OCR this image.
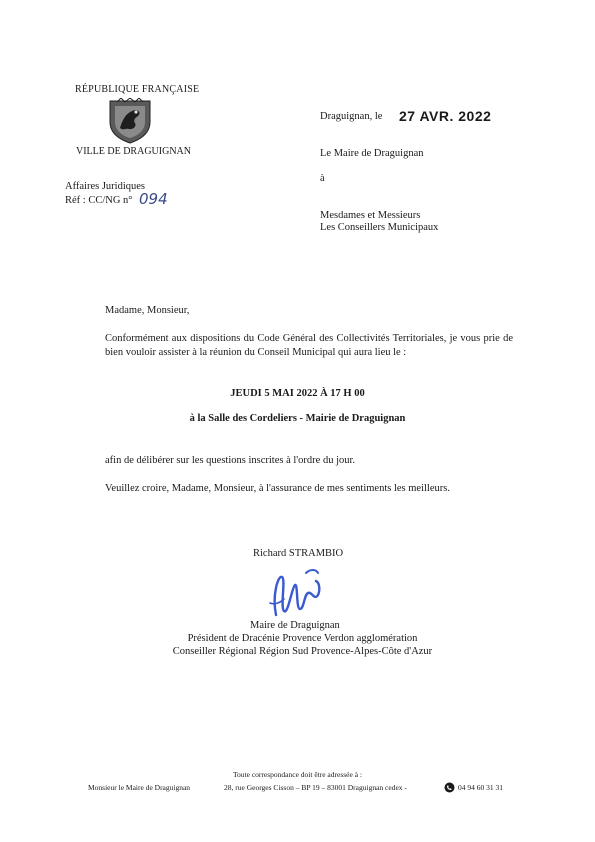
RÉPUBLIQUE FRANÇAISE
VILLE DE DRAGUIGNAN
Affaires Juridiques
Réf : CC/NG n° 094
Draguignan, le 27 AVR. 2022
Le Maire de Draguignan
à
Mesdames et Messieurs
Les Conseillers Municipaux
Madame, Monsieur,
Conformément aux dispositions du Code Général des Collectivités Territoriales, je vous prie de bien vouloir assister à la réunion du Conseil Municipal qui aura lieu le :
JEUDI 5 MAI 2022 À 17 H 00
à la Salle des Cordeliers - Mairie de Draguignan
afin de délibérer sur les questions inscrites à l'ordre du jour.
Veuillez croire, Madame, Monsieur, à l'assurance de mes sentiments les meilleurs.
Richard STRAMBIO
Maire de Draguignan
Président de Dracénie Provence Verdon agglomération
Conseiller Régional Région Sud Provence-Alpes-Côte d'Azur
Toute correspondance doit être adressée à :
Monsieur le Maire de Draguignan	28, rue Georges Cisson – BP 19 – 83001 Draguignan cedex -	04 94 60 31 31
